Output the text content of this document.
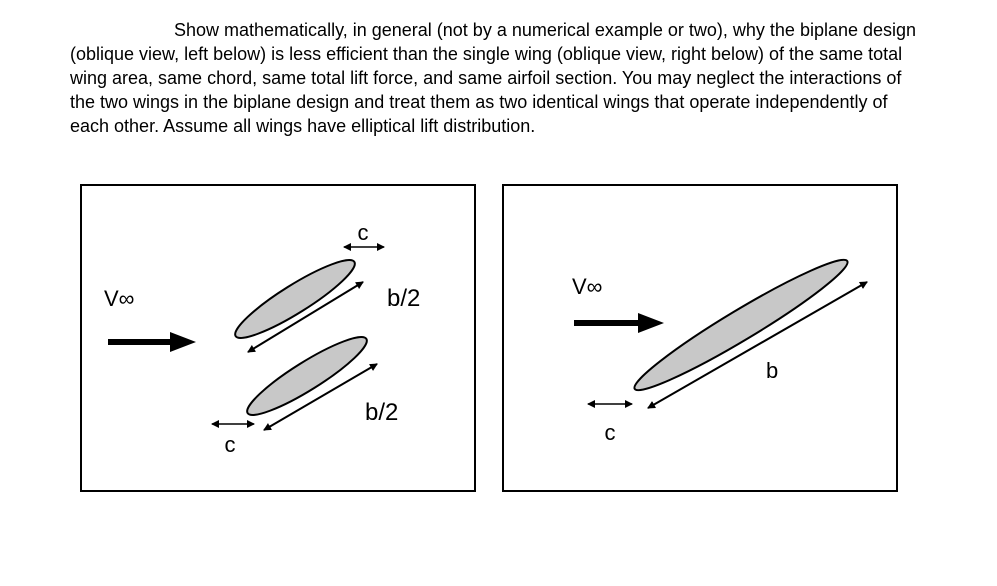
Show mathematically, in general (not by a numerical example or two), why the biplane design (oblique view, left below) is less efficient than the single wing (oblique view, right below) of the same total wing area, same chord, same total lift force, and same airfoil section. You may neglect the interactions of the two wings in the biplane design and treat them as two identical wings that operate independently of each other. Assume all wings have elliptical lift distribution.

V∞
c
b/2
c
b/2
V∞
b
c
